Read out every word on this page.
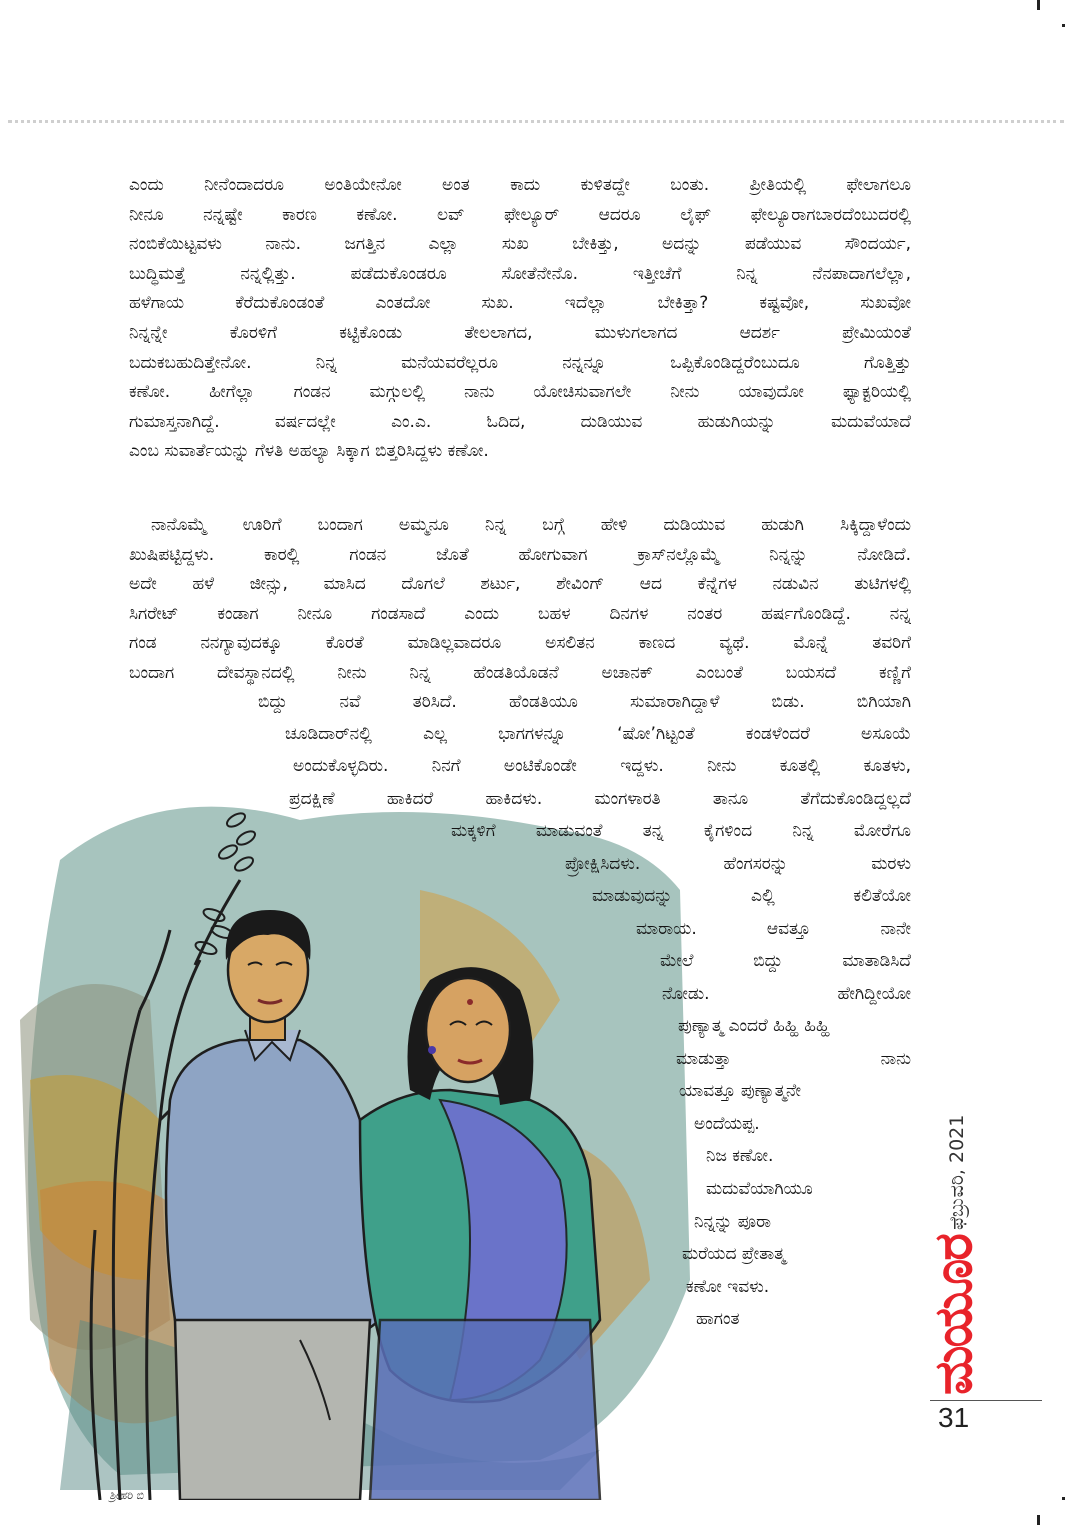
ಎಂದು ನೀನೆಂದಾದರೂ ಅಂತಿಯೇನೋ ಅಂತ ಕಾದು ಕುಳಿತದ್ದೇ ಬಂತು. ಪ್ರೀತಿಯಲ್ಲಿ ಫೇಲಾಗಲೂ
ನೀನೂ ನನ್ನಷ್ಟೇ ಕಾರಣ ಕಣೋ. ಲವ್ ಫೇಲ್ಯೂರ್ ಆದರೂ ಲೈಫ್ ಫೇಲ್ಯೂರಾಗಬಾರದೆಂಬುದರಲ್ಲಿ
ನಂಬಿಕೆಯಿಟ್ಟವಳು ನಾನು. ಜಗತ್ತಿನ ಎಲ್ಲಾ ಸುಖ ಬೇಕಿತ್ತು, ಅದನ್ನು ಪಡೆಯುವ ಸೌಂದರ್ಯ,
ಬುದ್ಧಿಮತ್ತೆ ನನ್ನಲ್ಲಿತ್ತು. ಪಡೆದುಕೊಂಡರೂ ಸೋತೆನೇನೊ. ಇತ್ತೀಚೆಗೆ ನಿನ್ನ ನೆನಪಾದಾಗಲೆಲ್ಲಾ,
ಹಳೆಗಾಯ ಕೆರೆದುಕೊಂಡಂತೆ ಎಂತದೋ ಸುಖ. ಇದೆಲ್ಲಾ ಬೇಕಿತ್ತಾ? ಕಷ್ಟವೋ, ಸುಖವೋ
ನಿನ್ನನ್ನೇ ಕೊರಳಿಗೆ ಕಟ್ಟಿಕೊಂಡು ತೇಲಲಾಗದ, ಮುಳುಗಲಾಗದ ಆದರ್ಶ ಪ್ರೇಮಿಯಂತೆ
ಬದುಕಬಹುದಿತ್ತೇನೋ. ನಿನ್ನ ಮನೆಯವರೆಲ್ಲರೂ ನನ್ನನ್ನೂ ಒಪ್ಪಿಕೊಂಡಿದ್ದರೆಂಬುದೂ ಗೊತ್ತಿತ್ತು
ಕಣೋ. ಹೀಗೆಲ್ಲಾ ಗಂಡನ ಮಗ್ಗುಲಲ್ಲಿ ನಾನು ಯೋಚಿಸುವಾಗಲೇ ನೀನು ಯಾವುದೋ ಫ್ಯಾಕ್ಟರಿಯಲ್ಲಿ
ಗುಮಾಸ್ತನಾಗಿದ್ದೆ. ವರ್ಷದಲ್ಲೇ ಎಂ.ಎ. ಓದಿದ, ದುಡಿಯುವ ಹುಡುಗಿಯನ್ನು ಮದುವೆಯಾದೆ
ಎಂಬ ಸುವಾರ್ತೆಯನ್ನು ಗೆಳತಿ ಅಹಲ್ಯಾ ಸಿಕ್ಕಾಗ ಬಿತ್ತರಿಸಿದ್ದಳು ಕಣೋ.
ನಾನೊಮ್ಮೆ ಊರಿಗೆ ಬಂದಾಗ ಅಮ್ಮನೂ ನಿನ್ನ ಬಗ್ಗೆ ಹೇಳಿ ದುಡಿಯುವ ಹುಡುಗಿ ಸಿಕ್ಕಿದ್ದಾಳೆಂದು
ಖುಷಿಪಟ್ಟಿದ್ದಳು. ಕಾರಲ್ಲಿ ಗಂಡನ ಜೊತೆ ಹೋಗುವಾಗ ಕ್ರಾಸ್‌ನಲ್ಲೊಮ್ಮೆ ನಿನ್ನನ್ನು ನೋಡಿದೆ.
ಅದೇ ಹಳೆ ಜೀನ್ಸು, ಮಾಸಿದ ದೊಗಲೆ ಶರ್ಟು, ಶೇವಿಂಗ್ ಆದ ಕೆನ್ನೆಗಳ ನಡುವಿನ ತುಟಿಗಳಲ್ಲಿ
ಸಿಗರೇಟ್ ಕಂಡಾಗ ನೀನೂ ಗಂಡಸಾದೆ ಎಂದು ಬಹಳ ದಿನಗಳ ನಂತರ ಹರ್ಷಗೊಂಡಿದ್ದೆ. ನನ್ನ
ಗಂಡ ನನಗ್ಯಾವುದಕ್ಕೂ ಕೊರತೆ ಮಾಡಿಲ್ಲವಾದರೂ ಅಸಲಿತನ ಕಾಣದ ವ್ಯಥೆ. ಮೊನ್ನೆ ತವರಿಗೆ
ಬಂದಾಗ ದೇವಸ್ಥಾನದಲ್ಲಿ ನೀನು ನಿನ್ನ ಹೆಂಡತಿಯೊಡನೆ ಅಚಾನಕ್ ಎಂಬಂತೆ ಬಯಸದೆ ಕಣ್ಣಿಗೆ
ಬಿದ್ದು ನವೆ ತರಿಸಿದೆ. ಹೆಂಡತಿಯೂ ಸುಮಾರಾಗಿದ್ದಾಳೆ ಬಿಡು. ಬಿಗಿಯಾಗಿ
ಚೂಡಿದಾರ್‌ನಲ್ಲಿ ಎಲ್ಲ ಭಾಗಗಳನ್ನೂ ‘ಷೋ’ಗಿಟ್ಟಂತೆ ಕಂಡಳೆಂದರೆ ಅಸೂಯೆ
ಅಂದುಕೊಳ್ಳದಿರು. ನಿನಗೆ ಅಂಟಿಕೊಂಡೇ ಇದ್ದಳು. ನೀನು ಕೂತಲ್ಲಿ ಕೂತಳು,
ಪ್ರದಕ್ಷಿಣೆ ಹಾಕಿದರೆ ಹಾಕಿದಳು. ಮಂಗಳಾರತಿ ತಾನೂ ತೆಗೆದುಕೊಂಡಿದ್ದಲ್ಲದೆ
ಮಕ್ಕಳಿಗೆ ಮಾಡುವಂತೆ ತನ್ನ ಕೈಗಳಿಂದ ನಿನ್ನ ಮೋರೆಗೂ
ಪ್ರೋಕ್ಷಿಸಿದಳು. ಹೆಂಗಸರನ್ನು ಮರಳು
ಮಾಡುವುದನ್ನು ಎಲ್ಲಿ ಕಲಿತೆಯೋ
ಮಾರಾಯ. ಆವತ್ತೂ ನಾನೇ
ಮೇಲೆ ಬಿದ್ದು ಮಾತಾಡಿಸಿದೆ
ನೋಡು. ಹೇಗಿದ್ದೀಯೋ
ಪುಣ್ಯಾತ್ಮ ಎಂದರೆ ಹಿಹ್ಹಿ ಹಿಹ್ಹಿ
ಮಾಡುತ್ತಾ ನಾನು
ಯಾವತ್ತೂ ಪುಣ್ಯಾತ್ಮನೇ
ಅಂದೆಯಪ್ಪ.
ನಿಜ ಕಣೋ.
ಮದುವೆಯಾಗಿಯೂ
ನಿನ್ನನ್ನು ಪೂರಾ
ಮರೆಯದ ಪ್ರೇತಾತ್ಮ
ಕಣೋ ಇವಳು.
ಹಾಗಂತ
ಫೆಬ್ರುವರಿ, 2021
ಮಯೂರ
31
ಶ್ರೀಹರಿ ಬಿ
